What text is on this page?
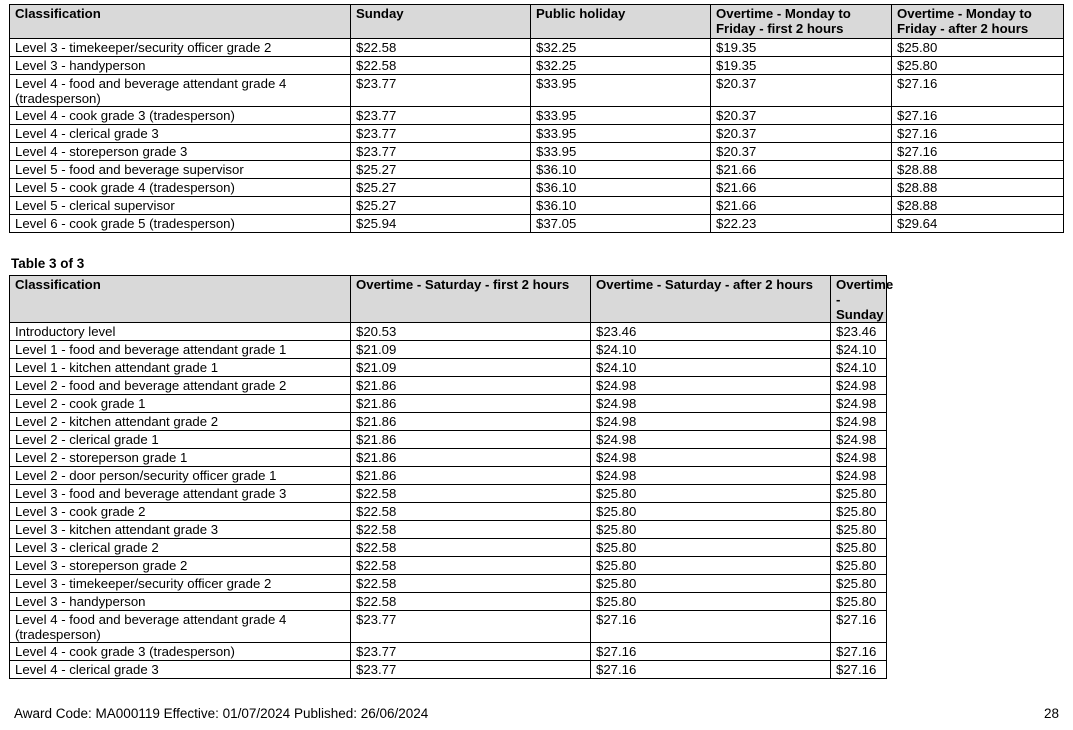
Classification	Sunday	Public holiday	Overtime - Monday to Friday - first 2 hours	Overtime - Monday to Friday - after 2 hours
Level 3 - timekeeper/security officer grade 2	$22.58	$32.25	$19.35	$25.80
Level 3 - handyperson	$22.58	$32.25	$19.35	$25.80
Level 4 - food and beverage attendant grade 4 (tradesperson)	$23.77	$33.95	$20.37	$27.16
Level 4 - cook grade 3 (tradesperson)	$23.77	$33.95	$20.37	$27.16
Level 4 - clerical grade 3	$23.77	$33.95	$20.37	$27.16
Level 4 - storeperson grade 3	$23.77	$33.95	$20.37	$27.16
Level 5 - food and beverage supervisor	$25.27	$36.10	$21.66	$28.88
Level 5 - cook grade 4 (tradesperson)	$25.27	$36.10	$21.66	$28.88
Level 5 - clerical supervisor	$25.27	$36.10	$21.66	$28.88
Level 6 - cook grade 5 (tradesperson)	$25.94	$37.05	$22.23	$29.64
Table 3 of 3
Classification	Overtime - Saturday - first 2 hours	Overtime - Saturday - after 2 hours	Overtime - Sunday
Introductory level	$20.53	$23.46	$23.46
Level 1 - food and beverage attendant grade 1	$21.09	$24.10	$24.10
Level 1 - kitchen attendant grade 1	$21.09	$24.10	$24.10
Level 2 - food and beverage attendant grade 2	$21.86	$24.98	$24.98
Level 2 - cook grade 1	$21.86	$24.98	$24.98
Level 2 - kitchen attendant grade 2	$21.86	$24.98	$24.98
Level 2 - clerical grade 1	$21.86	$24.98	$24.98
Level 2 - storeperson grade 1	$21.86	$24.98	$24.98
Level 2 - door person/security officer grade 1	$21.86	$24.98	$24.98
Level 3 - food and beverage attendant grade 3	$22.58	$25.80	$25.80
Level 3 - cook grade 2	$22.58	$25.80	$25.80
Level 3 - kitchen attendant grade 3	$22.58	$25.80	$25.80
Level 3 - clerical grade 2	$22.58	$25.80	$25.80
Level 3 - storeperson grade 2	$22.58	$25.80	$25.80
Level 3 - timekeeper/security officer grade 2	$22.58	$25.80	$25.80
Level 3 - handyperson	$22.58	$25.80	$25.80
Level 4 - food and beverage attendant grade 4 (tradesperson)	$23.77	$27.16	$27.16
Level 4 - cook grade 3 (tradesperson)	$23.77	$27.16	$27.16
Level 4 - clerical grade 3	$23.77	$27.16	$27.16
Award Code: MA000119 Effective: 01/07/2024 Published: 26/06/2024	28
